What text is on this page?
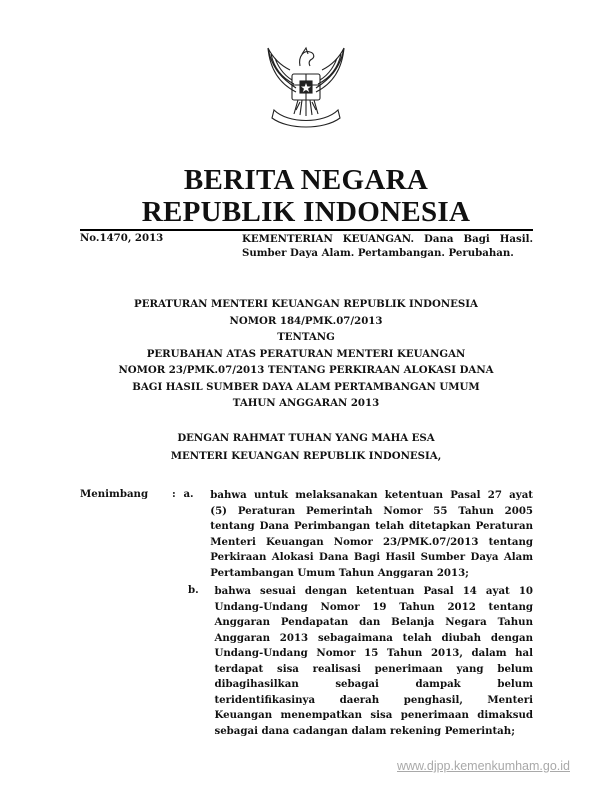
BERITA NEGARA
REPUBLIK INDONESIA
No.1470, 2013	KEMENTERIAN KEUANGAN. Dana Bagi Hasil.
Sumber Daya Alam. Pertambangan. Perubahan.
PERATURAN MENTERI KEUANGAN REPUBLIK INDONESIA
NOMOR 184/PMK.07/2013
TENTANG
PERUBAHAN ATAS PERATURAN MENTERI KEUANGAN
NOMOR 23/PMK.07/2013 TENTANG PERKIRAAN ALOKASI DANA
BAGI HASIL SUMBER DAYA ALAM PERTAMBANGAN UMUM
TAHUN ANGGARAN 2013
DENGAN RAHMAT TUHAN YANG MAHA ESA
MENTERI KEUANGAN REPUBLIK INDONESIA,
Menimbang	: a.	bahwa untuk melaksanakan ketentuan Pasal 27 ayat
(5) Peraturan Pemerintah Nomor 55 Tahun 2005
tentang Dana Perimbangan telah ditetapkan Peraturan
Menteri Keuangan Nomor 23/PMK.07/2013 tentang
Perkiraan Alokasi Dana Bagi Hasil Sumber Daya Alam
Pertambangan Umum Tahun Anggaran 2013;
b.	bahwa sesuai dengan ketentuan Pasal 14 ayat 10
Undang-Undang Nomor 19 Tahun 2012 tentang
Anggaran Pendapatan dan Belanja Negara Tahun
Anggaran 2013 sebagaimana telah diubah dengan
Undang-Undang Nomor 15 Tahun 2013, dalam hal
terdapat sisa realisasi penerimaan yang belum
dibagihasilkan sebagai dampak belum
teridentifikasinya daerah penghasil, Menteri
Keuangan menempatkan sisa penerimaan dimaksud
sebagai dana cadangan dalam rekening Pemerintah;
www.djpp.kemenkumham.go.id
